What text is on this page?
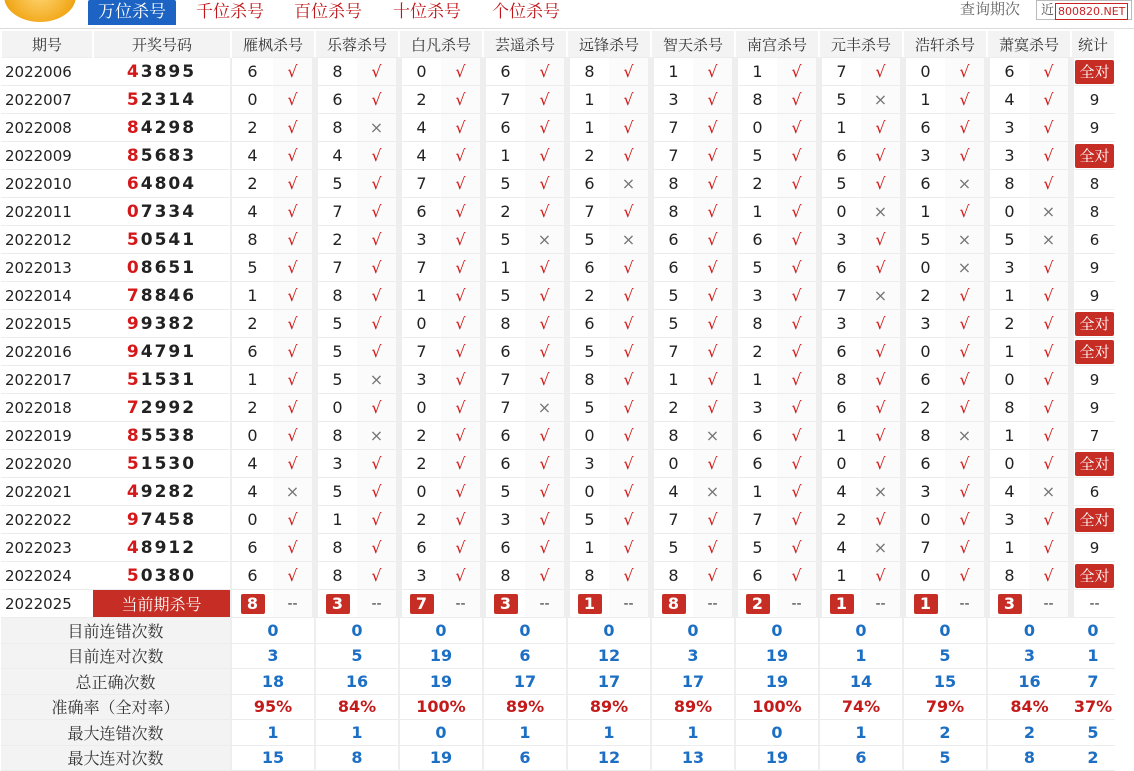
万位杀号	千位杀号 百位杀号 十位杀号 个位杀号	查询期次	近 800820.NET
期号	开奖号码	雁枫杀号		乐蓉杀号		白凡杀号		芸遥杀号		远锋杀号		智天杀号		南宫杀号		元丰杀号		浩轩杀号		萧寞杀号		统计
2022006	43895	6	√	8	√	0	√	6	√	8	√	1	√	1	√	7	√	0	√	6	√	全对
2022007	52314	0	√	6	√	2	√	7	√	1	√	3	√	8	√	5	×	1	√	4	√	9
2022008	84298	2	√	8	×	4	√	6	√	1	√	7	√	0	√	1	√	6	√	3	√	9
2022009	85683	4	√	4	√	4	√	1	√	2	√	7	√	5	√	6	√	3	√	3	√	全对
2022010	64804	2	√	5	√	7	√	5	√	6	×	8	√	2	√	5	√	6	×	8	√	8
2022011	07334	4	√	7	√	6	√	2	√	7	√	8	√	1	√	0	×	1	√	0	×	8
2022012	50541	8	√	2	√	3	√	5	×	5	×	6	√	6	√	3	√	5	×	5	×	6
2022013	08651	5	√	7	√	7	√	1	√	6	√	6	√	5	√	6	√	0	×	3	√	9
2022014	78846	1	√	8	√	1	√	5	√	2	√	5	√	3	√	7	×	2	√	1	√	9
2022015	99382	2	√	5	√	0	√	8	√	6	√	5	√	8	√	3	√	3	√	2	√	全对
2022016	94791	6	√	5	√	7	√	6	√	5	√	7	√	2	√	6	√	0	√	1	√	全对
2022017	51531	1	√	5	×	3	√	7	√	8	√	1	√	1	√	8	√	6	√	0	√	9
2022018	72992	2	√	0	√	0	√	7	×	5	√	2	√	3	√	6	√	2	√	8	√	9
2022019	85538	0	√	8	×	2	√	6	√	0	√	8	×	6	√	1	√	8	×	1	√	7
2022020	51530	4	√	3	√	2	√	6	√	3	√	0	√	6	√	0	√	6	√	0	√	全对
2022021	49282	4	×	5	√	0	√	5	√	0	√	4	×	1	√	4	×	3	√	4	×	6
2022022	97458	0	√	1	√	2	√	3	√	5	√	7	√	7	√	2	√	0	√	3	√	全对
2022023	48912	6	√	8	√	6	√	6	√	1	√	5	√	5	√	4	×	7	√	1	√	9
2022024	50380	6	√	8	√	3	√	8	√	8	√	8	√	6	√	1	√	0	√	8	√	全对
2022025	当前期杀号	8	--	3	--	7	--	3	--	1	--	8	--	2	--	1	--	1	--	3	--	--
目前连错次数		0		0		0		0		0		0		0		0		0		0		0
目前连对次数		3		5		19		6		12		3		19		1		5		3		1
总正确次数		18		16		19		17		17		17		19		14		15		16		7
准确率（全对率）		95%		84%		100%		89%		89%		89%		100%		74%		79%		84%		37%
最大连错次数		1		1		0		1		1		1		0		1		2		2		5
最大连对次数		15		8		19		6		12		13		19		6		5		8		2
